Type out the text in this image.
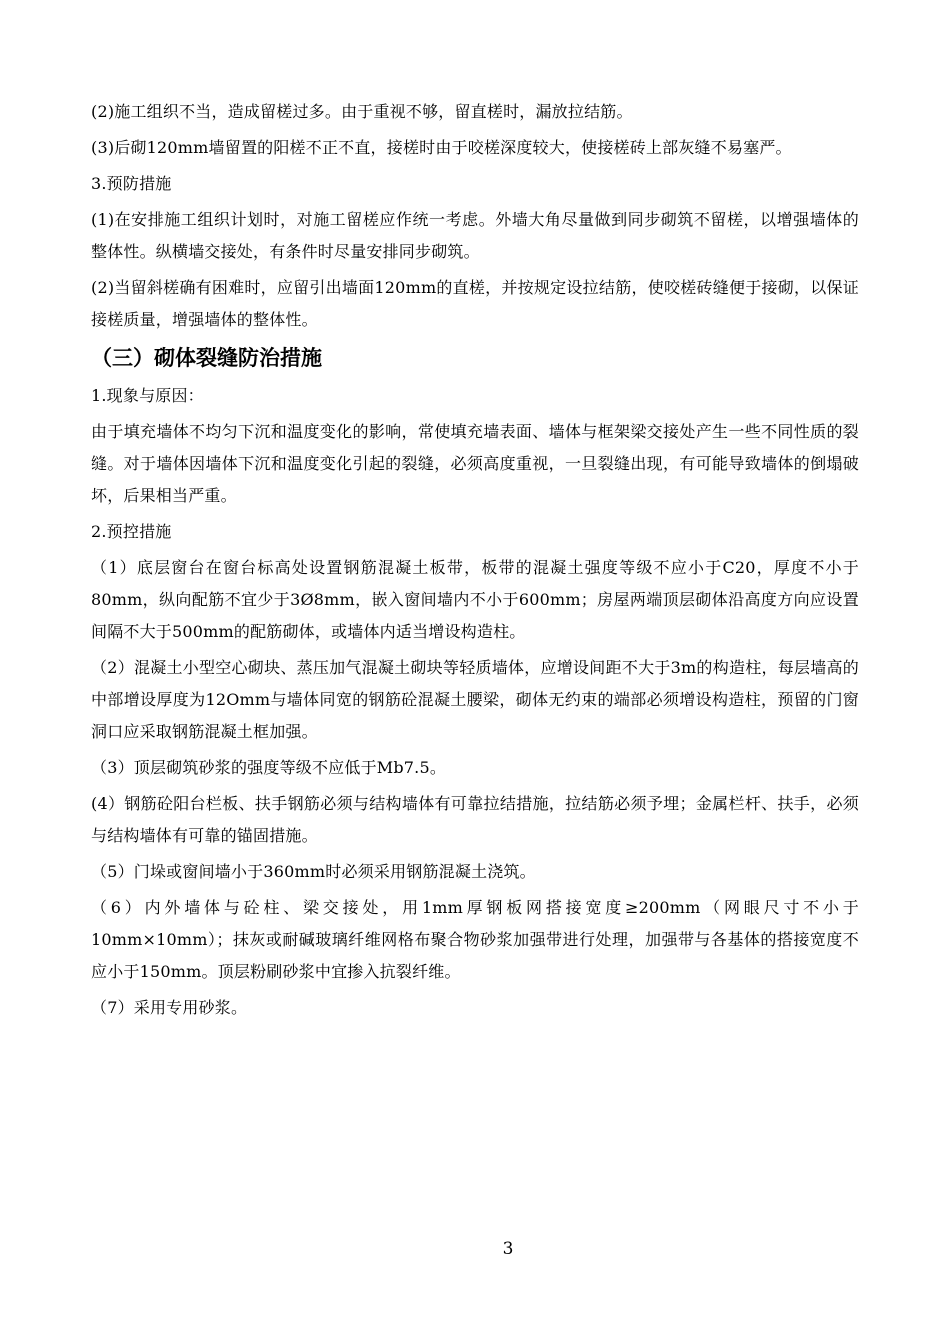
(2)施工组织不当，造成留槎过多。由于重视不够，留直槎时，漏放拉结筋。

(3)后砌120mm墙留置的阳槎不正不直，接槎时由于咬槎深度较大，使接槎砖上部灰缝不易塞严。

3.预防措施

(1)在安排施工组织计划时，对施工留槎应作统一考虑。外墙大角尽量做到同步砌筑不留槎，以增强墙体的整体性。纵横墙交接处，有条件时尽量安排同步砌筑。

(2)当留斜槎确有困难时，应留引出墙面120mm的直槎，并按规定设拉结筋，使咬槎砖缝便于接砌，以保证接槎质量，增强墙体的整体性。

（三）砌体裂缝防治措施

1.现象与原因：

由于填充墙体不均匀下沉和温度变化的影响，常使填充墙表面、墙体与框架梁交接处产生一些不同性质的裂缝。对于墙体因墙体下沉和温度变化引起的裂缝，必须高度重视，一旦裂缝出现，有可能导致墙体的倒塌破坏，后果相当严重。

2.预控措施

（1）底层窗台在窗台标高处设置钢筋混凝土板带，板带的混凝土强度等级不应小于C20，厚度不小于80mm，纵向配筋不宜少于3Ø8mm，嵌入窗间墙内不小于600mm；房屋两端顶层砌体沿高度方向应设置间隔不大于500mm的配筋砌体，或墙体内适当增设构造柱。

（2）混凝土小型空心砌块、蒸压加气混凝土砌块等轻质墙体，应增设间距不大于3m的构造柱，每层墙高的中部增设厚度为12Omm与墙体同宽的钢筋砼混凝土腰梁，砌体无约束的端部必须增设构造柱，预留的门窗洞口应采取钢筋混凝土框加强。

（3）顶层砌筑砂浆的强度等级不应低于Mb7.5。

(4）钢筋砼阳台栏板、扶手钢筋必须与结构墙体有可靠拉结措施，拉结筋必须予埋；金属栏杆、扶手，必须与结构墙体有可靠的锚固措施。

（5）门垛或窗间墙小于360mm时必须采用钢筋混凝土浇筑。

（6）内外墙体与砼柱、梁交接处，用1mm厚钢板网搭接宽度≥200mm（网眼尺寸不小于10mm×10mm）；抹灰或耐碱玻璃纤维网格布聚合物砂浆加强带进行处理，加强带与各基体的搭接宽度不应小于150mm。顶层粉刷砂浆中宜掺入抗裂纤维。

（7）采用专用砂浆。

3
